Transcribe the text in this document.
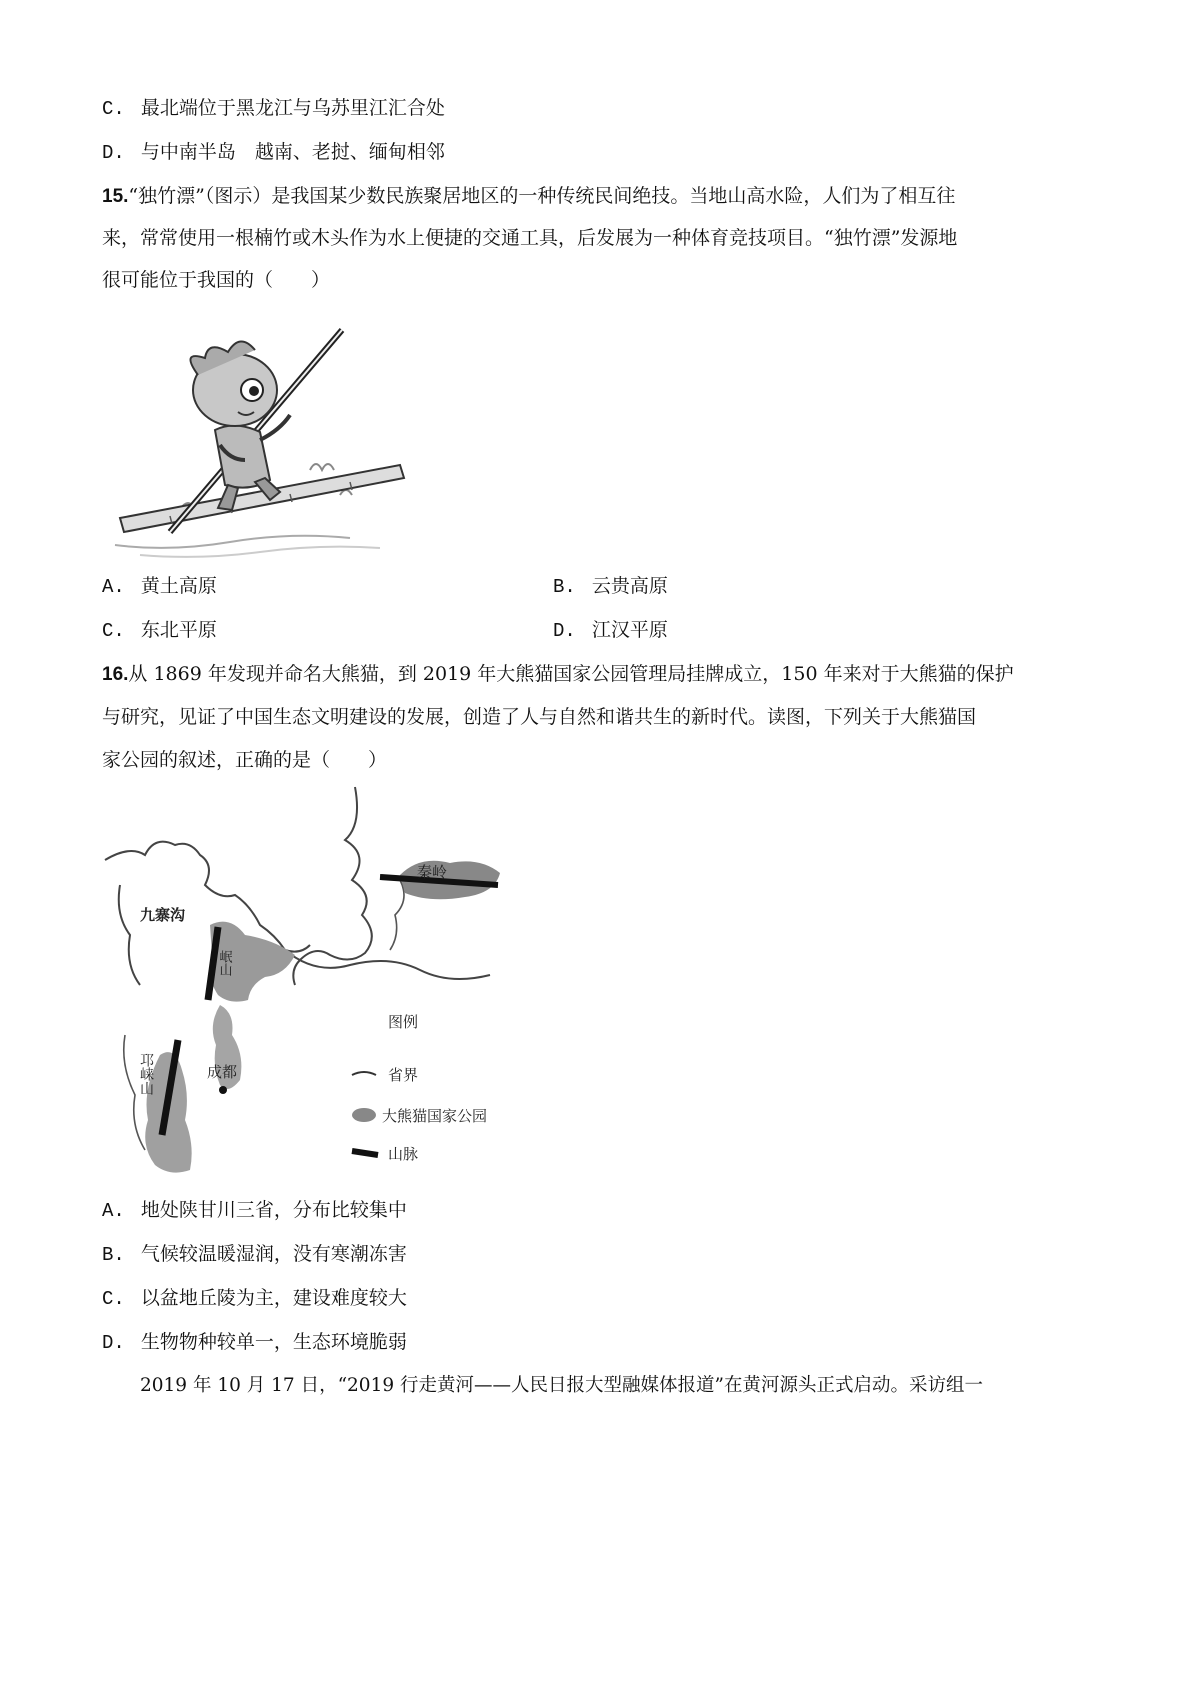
C. 最北端位于黑龙江与乌苏里江汇合处
D. 与中南半岛　越南、老挝、缅甸相邻
15.“独竹漂”（图示）是我国某少数民族聚居地区的一种传统民间绝技。当地山高水险，人们为了相互往
来，常常使用一根楠竹或木头作为水上便捷的交通工具，后发展为一种体育竞技项目。“独竹漂”发源地
很可能位于我国的（　　）
A. 黄土高原	B. 云贵高原
C. 东北平原	D. 江汉平原
16.从 1869 年发现并命名大熊猫，到 2019 年大熊猫国家公园管理局挂牌成立，150 年来对于大熊猫的保护
与研究，见证了中国生态文明建设的发展，创造了人与自然和谐共生的新时代。读图，下列关于大熊猫国
家公园的叙述，正确的是（　　）
秦岭
九寨沟
岷山
邛崃山	成都
图例
省界
大熊猫国家公园
山脉
A. 地处陕甘川三省，分布比较集中
B. 气候较温暖湿润，没有寒潮冻害
C. 以盆地丘陵为主，建设难度较大
D. 生物物种较单一，生态环境脆弱
2019 年 10 月 17 日，“2019 行走黄河——人民日报大型融媒体报道”在黄河源头正式启动。采访组一
